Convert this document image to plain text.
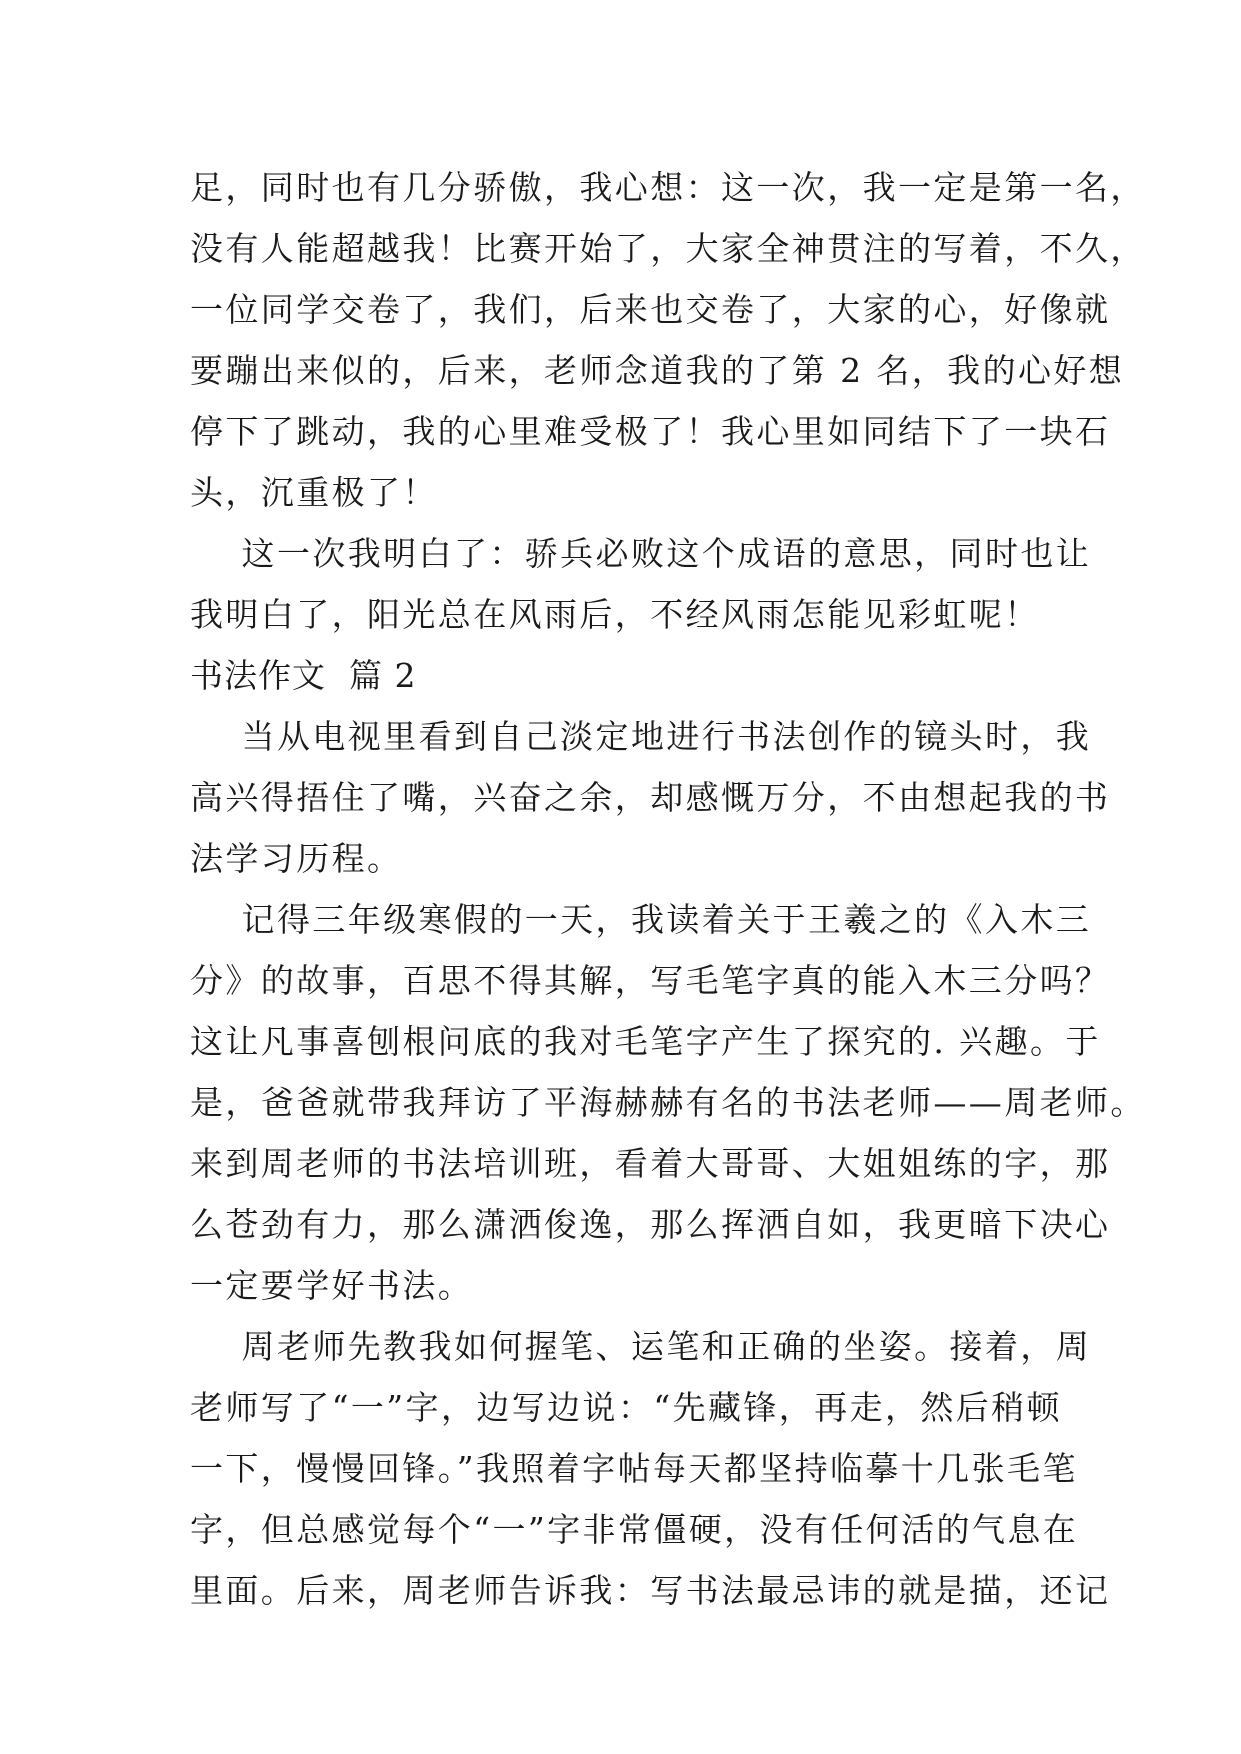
足，同时也有几分骄傲，我心想：这一次，我一定是第一名，
没有人能超越我！比赛开始了，大家全神贯注的写着，不久，
一位同学交卷了，我们，后来也交卷了，大家的心，好像就
要蹦出来似的，后来，老师念道我的了第 2 名，我的心好想
停下了跳动，我的心里难受极了！我心里如同结下了一块石
头，沉重极了！
这一次我明白了：骄兵必败这个成语的意思，同时也让
我明白了，阳光总在风雨后，不经风雨怎能见彩虹呢！
书法作文  篇 2
当从电视里看到自己淡定地进行书法创作的镜头时，我
高兴得捂住了嘴，兴奋之余，却感慨万分，不由想起我的书
法学习历程。
记得三年级寒假的一天，我读着关于王羲之的《入木三
分》的故事，百思不得其解，写毛笔字真的能入木三分吗？
这让凡事喜刨根问底的我对毛笔字产生了探究的. 兴趣。于
是，爸爸就带我拜访了平海赫赫有名的书法老师——周老师。
来到周老师的书法培训班，看着大哥哥、大姐姐练的字，那
么苍劲有力，那么潇洒俊逸，那么挥洒自如，我更暗下决心
一定要学好书法。
周老师先教我如何握笔、运笔和正确的坐姿。接着，周
老师写了“一”字，边写边说：“先藏锋，再走，然后稍顿
一下，慢慢回锋。”我照着字帖每天都坚持临摹十几张毛笔
字，但总感觉每个“一”字非常僵硬，没有任何活的气息在
里面。后来，周老师告诉我：写书法最忌讳的就是描，还记
